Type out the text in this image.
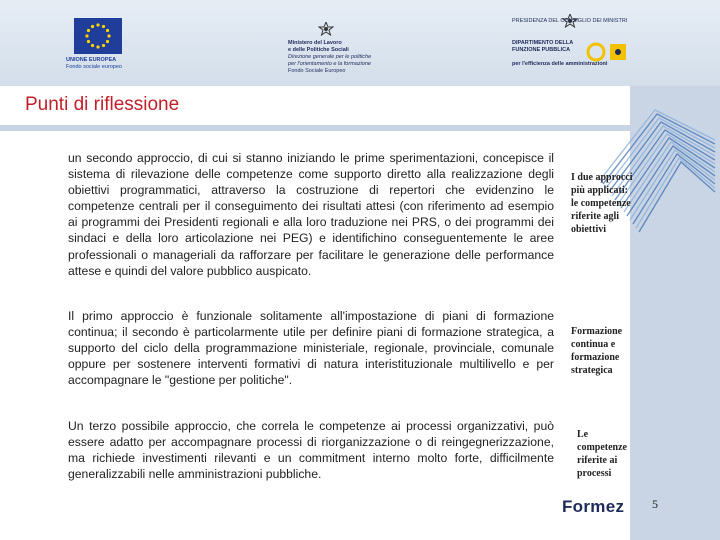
UNIONE EUROPEA
Fondo sociale europeo
Ministero del Lavoro
e delle Politiche Sociali
Direzione generale per le politiche
per l'orientamento e la formazione
Fondo Sociale Europeo
PRESIDENZA DEL CONSIGLIO DEI MINISTRI
DIPARTIMENTO DELLA
FUNZIONE PUBBLICA
per l'efficienza delle amministrazioni
Punti di riflessione

un secondo approccio, di cui si stanno iniziando le prime sperimentazioni, concepisce il sistema di rilevazione delle competenze come supporto diretto alla realizzazione degli obiettivi programmatici, attraverso la costruzione di repertori che evidenzino le competenze centrali per il conseguimento dei risultati attesi (con riferimento ad esempio ai programmi dei Presidenti regionali e alla loro traduzione nei PRS, o dei programmi dei sindaci e della loro articolazione nei PEG) e identifichino conseguentemente le aree professionali o manageriali da rafforzare per facilitare le generazione delle performance attese e quindi del valore pubblico auspicato.

Il primo approccio è funzionale solitamente all'impostazione di piani di formazione continua; il secondo è particolarmente utile per definire piani di formazione strategica, a supporto del ciclo della programmazione ministeriale, regionale, provinciale, comunale oppure per sostenere interventi formativi di natura interistituzionale multilivello e per accompagnare le "gestione per politiche".

Un terzo possibile approccio, che correla le competenze ai processi organizzativi, può essere adatto per accompagnare processi di riorganizzazione o di reingegnerizzazione, ma richiede investimenti rilevanti e un commitment interno molto forte, difficilmente generalizzabili nelle amministrazioni pubbliche.

I due approcci più applicati: le competenze riferite agli obiettivi

Formazione continua e formazione strategica

Le competenze riferite ai processi

Formez 5
